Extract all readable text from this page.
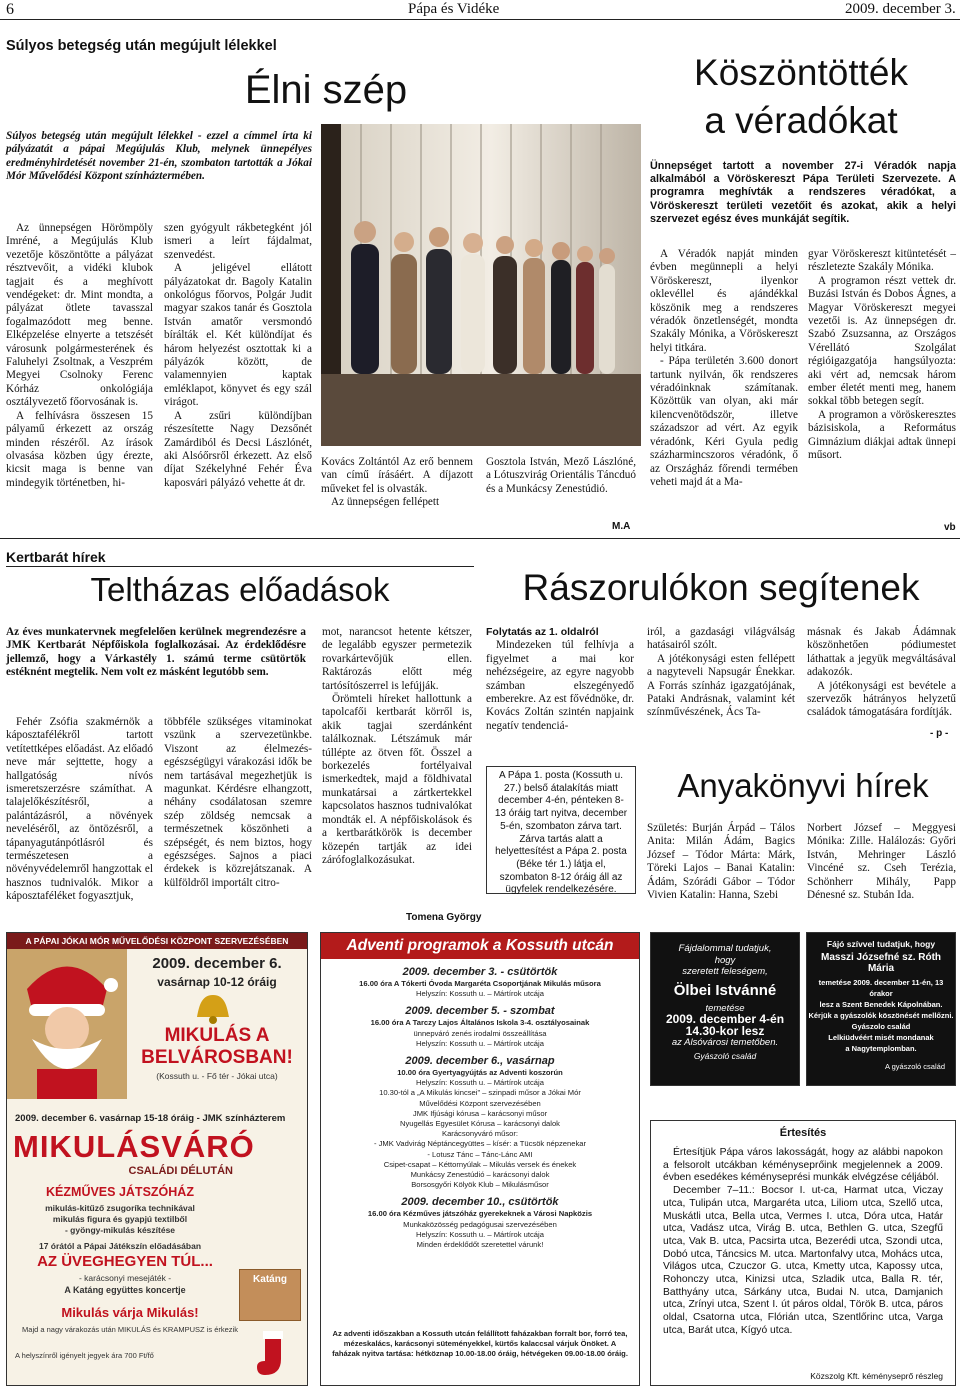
6	Pápa és Vidéke	2009. december 3.
Súlyos betegség után megújult lélekkel
Élni szép
Súlyos betegség után megújult lélekkel - ezzel a címmel írta ki pályázatát a pápai Megújulás Klub, melynek ünnepélyes eredményhirdetését november 21-én, szombaton tartották a Jókai Mór Művelődési Központ színháztermében.

Az ünnepségen Hörömpöly Imréné, a Megújulás Klub vezetője köszöntötte a pályázat résztvevőit, a vidéki klubok tagjait és a meghívott vendégeket: dr. Mint mondta, a pályázat ötlete tavasszal fogalmazódott meg benne. Elképzelése elnyerte a tetszését városunk polgármesterének és Faluhelyi Zsoltnak, a Veszprém Megyei Csolnoky Ferenc Kórház onkológiája osztályvezető főorvosának is.

A felhívásra összesen 15 pályamű érkezett az ország minden részéről. Az írások olvasása közben úgy érezte, kicsit maga is benne van mindegyik történetben, hi-

szen gyógyult rákbetegként jól ismeri a leírt fájdalmat, szenvedést.

A jeligével ellátott pályázatokat dr. Bagoly Katalin onkológus főorvos, Polgár Judit magyar szakos tanár és Gosztola István amatőr versmondó bírálták el. Két különdíjat és három helyezést osztottak ki a pályázók között, de valamennyien kaptak emléklapot, könyvet és egy szál virágot.

A zsűri különdíjban részesítette Nagy Dezsőnét Zamárdiból és Decsi Lászlónét, aki Alsóőrsről érkezett. Az első díjat Székelyhné Fehér Éva kaposvári pályázó vehette át dr.

Kovács Zoltántól Az erő bennem van című írásáért. A díjazott műveket fel is olvasták.

Az ünnepségen fellépett

Gosztola István, Mező Lászlóné, a Lótuszvirág Orientális Táncduó és a Munkácsy Zenestúdió.

M.A
Köszöntötték
a véradókat
Ünnepséget tartott a november 27-i Véradók napja alkalmából a Vöröskereszt Pápa Területi Szervezete. A programra meghívták a rendszeres véradókat, a Vöröskereszt területi vezetőit és azokat, akik a helyi szervezet egész éves munkáját segítik.

A Véradók napját minden évben megünnepli a helyi Vöröskereszt, ilyenkor oklevéllel és ajándékkal köszönik meg a rendszeres véradók önzetlenségét, mondta Szakály Mónika, a Vöröskereszt helyi titkára.

- Pápa területén 3.600 donort tartunk nyilván, ők rendszeres véradóinknak számítanak. Közöttük van olyan, aki már kilencvenötödször, illetve századszor ad vért. Az egyik véradónk, Kéri Gyula pedig százharmincszoros véradónk, ő az Országház főrendi termében veheti majd át a Ma-

gyar Vöröskereszt kitüntetését – részletezte Szakály Mónika.

A programon részt vettek dr. Buzási István és Dobos Ágnes, a Magyar Vöröskereszt megyei vezetői is. Az ünnepségen dr. Szabó Zsuzsanna, az Országos Vérellátó Szolgálat régióigazgatója hangsúlyozta: aki vért ad, nemcsak három ember életét menti meg, hanem sokkal több betegen segít.

A programon a vöröskeresztes bázisiskola, a Református Gimnázium diákjai adtak ünnepi műsort.

vb
Kertbarát hírek
Teltházas előadások
Az éves munkatervnek megfelelően kerülnek megrendezésre a JMK Kertbarát Népfőiskola foglalkozásai. Az érdeklődésre jellemző, hogy a Várkastély 1. számú terme csütörtök estéknént megtelik. Nem volt ez másként legutóbb sem.

Fehér Zsófia szakmérnök a káposztafélékről tartott vetítettképes előadást. Az előadó neve már sejttette, hogy a hallgatóság nívós ismeretszerzésre számíthat. A talajelőkészítésről, a palántázásról, a növények neveléséről, az öntözésről, a tápanyagutánpótlásról és természetesen a növényvédelemről hangzottak el hasznos tudnivalók. Mikor a káposztaféléket fogyasztjuk,

többféle szükséges vitaminokat vszünk a szervezetünkbe. Viszont az élelmezés-egészségügyi várakozási idők be nem tartásával megezhetjük is magunkat. Kérdésre elhangzott, néhány csodálatosan szemre szép zöldség nemcsak a természetnek köszönheti a szépségét, és nem biztos, hogy egészséges. Sajnos a piaci érdekek is közrejátszanak. A külföldről importált citro-

mot, narancsot hetente kétszer, de legalább egyszer permetezik rovarkártevőjük ellen. Raktározás előtt még tartósítószerrel is lefújják.

Örömteli híreket hallottunk a tapolcafői kertbarát körről is, akik tagjai szerdánként találkoznak. Létszámuk már túllépte az ötven főt. Összel a borkezelés fortélyaival ismerkedtek, majd a földhivatal munkatársai a zártkertekkel kapcsolatos hasznos tudnivalókat mondták el. A népfőiskolások és a kertbarátkörök is december közepén tartják az idei zárófoglalkozásukat.

Tomena György
Rászorulókon segítenek

Folytatás az 1. oldalról

Mindezeken túl felhívja a figyelmet a mai kor nehézségeire, az egyre nagyobb számban elszegényedő emberekre. Az est fővédnöke, dr. Kovács Zoltán szintén napjaink negatív tendenciá-

iról, a gazdasági világválság hatásairól szólt.

A jótékonysági esten fellépett a nagyteveli Napsugár Énekkar. A Forrás színház igazgatójának, Pataki Andrásnak, valamint két színművészének, Ács Ta-

másnak és Jakab Ádámnak köszönhetően pódiumestet láthattak a jegyük megváltásával adakozók.

A jótékonysági est bevétele a szervezők hátrányos helyzetű családok támogatására fordítják.

- p -
A Pápa 1. posta (Kossuth u. 27.) belső átalakítás miatt december 4-én, pénteken 8-13 óráig tart nyitva, december 5-én, szombaton zárva tart. Zárva tartás alatt a helyettesítést a Pápa 2. posta (Béke tér 1.) látja el, szombaton 8-12 óráig áll az ügyfelek rendelkezésére.
Anyakönyvi hírek

Születés: Burján Árpád – Tálos Anita: Milán Ádám, Bagics József – Tódor Márta: Márk, Töreki Lajos – Banai Katalin: Ádám, Szórádi Gábor – Tódor Vivien Katalin: Hanna, Szebi

Norbert József – Meggyesi Mónika: Zille. Halálozás: Győri István, Mehringer László Vincéné sz. Cseh Terézia, Schönherr Mihály, Papp Dénesné sz. Stubán Ida.

A PÁPAI JÓKAI MÓR MŰVELŐDÉSI KÖZPONT SZERVEZÉSÉBEN
2009. december 6.
vasárnap 10-12 óráig
MIKULÁS A
BELVÁROSBAN!
(Kossuth u. - Fő tér - Jókai utca)
2009. december 6. vasárnap 15-18 óráig - JMK színházterem
MIKULÁSVÁRÓ
CSALÁDI DÉLUTÁN
KÉZMŰVES JÁTSZÓHÁZ
mikulás-kitűző zsugoríka technikával
mikulás figura és gyapjú textilből
- gyöngy-mikulás készítése
17 órától a Pápai Játékszín előadásában
AZ ÜVEGHEGYEN TÚL...
- karácsonyi mesejáték -
A Katáng együttes koncertje
Mikulás várja Mikulás!
Majd a nagy várakozás után MIKULÁS és KRAMPUSZ is érkezik
A helyszínről igényelt jegyek ára 700 Ft/fő
Katáng
Adventi programok a Kossuth utcán
2009. december 3. - csütörtök
16.00 óra A Tókerti Óvoda Margaréta Csoportjának Mikulás műsora
Helyszín: Kossuth u. – Mártírok utcája
2009. december 5. - szombat
16.00 óra A Tarczy Lajos Általános Iskola 3-4. osztályosainak
ünnepváró zenés irodalmi összeállítása
Helyszín: Kossuth u. – Mártírok utcája
2009. december 6., vasárnap
10.00 óra Gyertyagyújtás az Adventi koszorún
Helyszín: Kossuth u. – Mártírok utcája
10.30-tól a „A Mikulás kincsei” – szinpadi műsor a Jókai Mór
Művelődési Központ szervezésében
JMK Ifjúsági kórusa – karácsonyi műsor
Nyugellás Egyesület Kórusa – karácsonyi dalok
Karácsonyváró műsor:
- JMK Vadvirág Néptáncegyüttes – kísér: a Tücsök népzenekar
- Lotusz Tánc – Tánc-Lánc AMI
Csipet-csapat – Kéttornyúlak – Mikulás versek és énekek
Munkácsy Zenestúdió – karácsonyi dalok
Borsosgyőri Kölyök Klub – Mikulásműsor
2009. december 10., csütörtök
16.00 óra Kézműves játszóház gyerekeknek a Városi Napközis
Munkaközösség pedagógusai szervezésében
Helyszín: Kossuth u. – Mártírok utcája
Minden érdeklődőt szeretettel várunk!
Az adventi időszakban a Kossuth utcán felállított faházakban forralt bor, forró tea, mézeskalács, karácsonyi süteményekkel, kürtős kalaccsal várjuk Önöket. A faházak nyitva tartása: hétköznap 10.00-18.00 óráig, hétvégeken 09.00-18.00 óráig.
Fájdalommal tudatjuk,
hogy
szeretett feleségem,
Ölbei Istvánné
temetése
2009. december 4-én
14.30-kor lesz
az Alsóvárosi temetőben.
Gyászoló család
Fájó szívvel tudatjuk, hogy
Masszi Józsefné sz. Róth Mária
temetése 2009. december 11-én, 13 órakor
lesz a Szent Benedek Kápolnában.
Kérjük a gyászolók köszönését mellőzni.
Gyászolo család
Lelkiüdvéért misét mondanak
a Nagytemplomban.
A gyászoló család
Értesítés

Értesítjük Pápa város lakosságát, hogy az alábbi napokon a felsorolt utcákban kéményseprőink megjelennek a 2009. évben esedékes kéményseprési munkák elvégzése céljából.

December 7–11.: Bocsor I. ut-ca, Harmat utca, Viczay utca, Tulipán utca, Margaréta utca, Liliom utca, Szellő utca, Muskátli utca, Bella utca, Vermes I. utca, Dóra utca, Határ utca, Vadász utca, Virág B. utca, Bethlen G. utca, Szegfű utca, Vak B. utca, Pacsirta utca, Bezerédi utca, Szondi utca, Dobó utca, Táncsics M. utca. Martonfalvy utca, Mohács utca, Világos utca, Czuczor G. utca, Kmetty utca, Kapossy utca, Rohonczy utca, Kinizsi utca, Szladik utca, Balla R. tér, Batthyány utca, Sárkány utca, Budai N. utca, Damjanich utca, Zrínyi utca, Szent I. út páros oldal, Török B. utca, páros oldal, Csatorna utca, Flórián utca, Szentlőrinc utca, Varga utca, Barát utca, Kígyó utca.

Közszolg Kft. kéményseprő részleg
